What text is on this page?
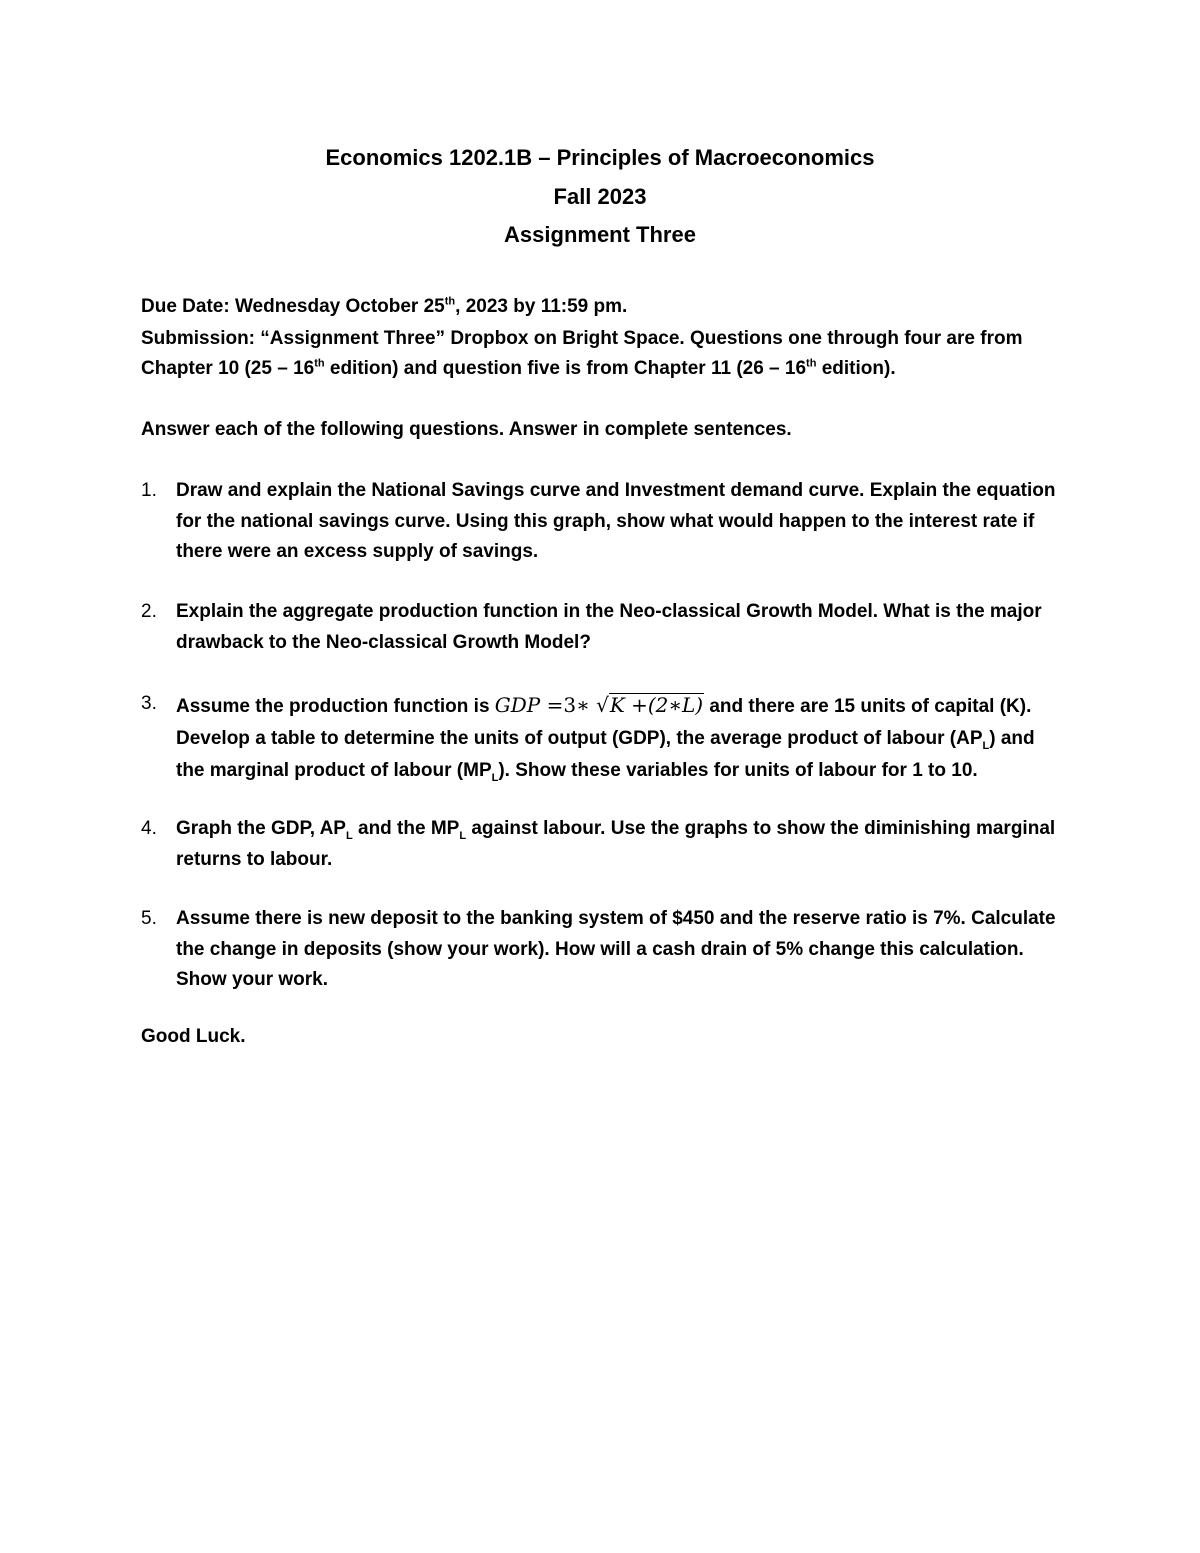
Economics 1202.1B – Principles of Macroeconomics

Fall 2023

Assignment Three

Due Date: Wednesday October 25th, 2023 by 11:59 pm.

Submission: “Assignment Three” Dropbox on Bright Space. Questions one through four are from

Chapter 10 (25 – 16th edition) and question five is from Chapter 11 (26 – 16th edition).

Answer each of the following questions. Answer in complete sentences.

1. Draw and explain the National Savings curve and Investment demand curve. Explain the equation
for the national savings curve. Using this graph, show what would happen to the interest rate if
there were an excess supply of savings.

2. Explain the aggregate production function in the Neo-classical Growth Model. What is the major
drawback to the Neo-classical Growth Model?

3. Assume the production function is GDP =3∗ √K +(2∗L) and there are 15 units of capital (K).
Develop a table to determine the units of output (GDP), the average product of labour $(AP_L)$ and
the marginal product of labour $(MP_L)$. Show these variables for units of labour for 1 to 10.

4. Graph the GDP, $AP_L$ and the $MP_L$ against labour. Use the graphs to show the diminishing marginal
returns to labour.

5. Assume there is new deposit to the banking system of $450 and the reserve ratio is 7%. Calculate
the change in deposits (show your work). How will a cash drain of 5% change this calculation.
Show your work.

Good Luck.
